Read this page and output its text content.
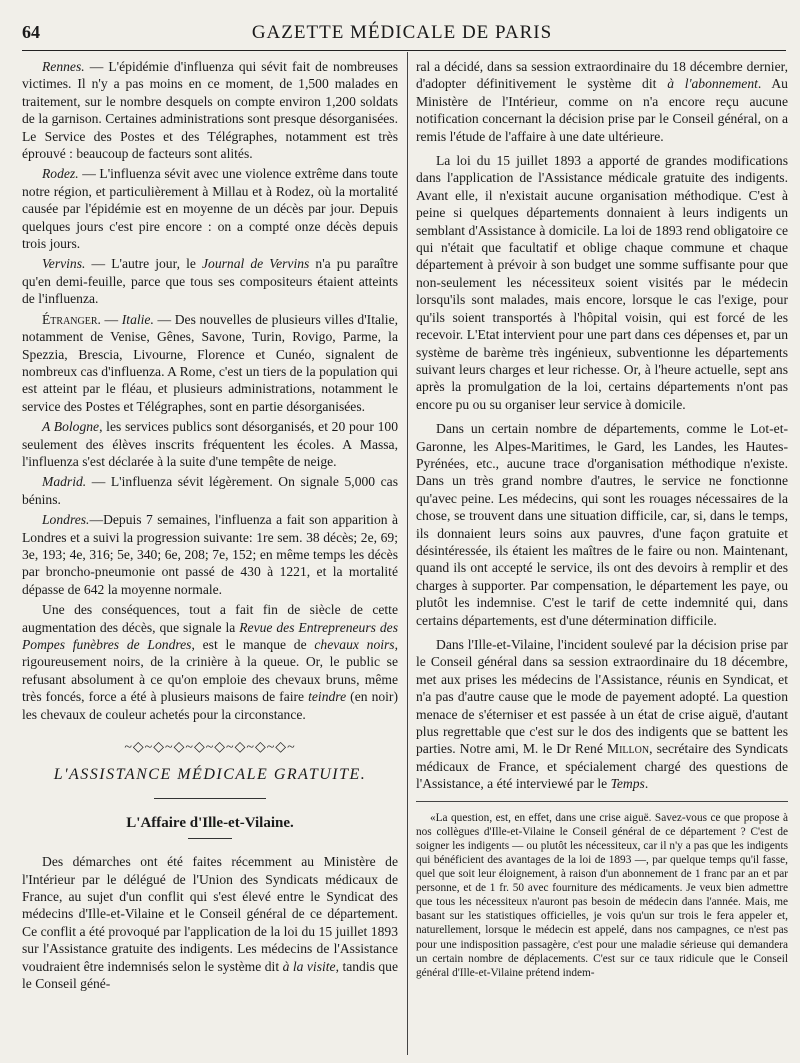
64	GAZETTE MÉDICALE DE PARIS

Rennes. — L'épidémie d'influenza qui sévit fait de nombreuses victimes. Il n'y a pas moins en ce moment, de 1,500 malades en traitement, sur le nombre desquels on compte environ 1,200 soldats de la garnison. Certaines administrations sont presque désorganisées. Le Service des Postes et des Télégraphes, notamment est très éprouvé : beaucoup de facteurs sont alités.

Rodez. — L'influenza sévit avec une violence extrême dans toute notre région, et particulièrement à Millau et à Rodez, où la mortalité causée par l'épidémie est en moyenne de un décès par jour. Depuis quelques jours c'est pire encore : on a compté onze décès depuis trois jours.

Vervins. — L'autre jour, le Journal de Vervins n'a pu paraître qu'en demi-feuille, parce que tous ses compositeurs étaient atteints de l'influenza.

Étranger. — Italie. — Des nouvelles de plusieurs villes d'Italie, notamment de Venise, Gênes, Savone, Turin, Rovigo, Parme, la Spezzia, Brescia, Livourne, Florence et Cunéo, signalent de nombreux cas d'influenza. A Rome, c'est un tiers de la population qui est atteint par le fléau, et plusieurs administrations, notamment le service des Postes et Télégraphes, sont en partie désorganisées.

A Bologne, les services publics sont désorganisés, et 20 pour 100 seulement des élèves inscrits fréquentent les écoles. A Massa, l'influenza s'est déclarée à la suite d'une tempête de neige.

Madrid. — L'influenza sévit légèrement. On signale 5,000 cas bénins.

Londres.—Depuis 7 semaines, l'influenza a fait son apparition à Londres et a suivi la progression suivante: 1re sem. 38 décès; 2e, 69; 3e, 193; 4e, 316; 5e, 340; 6e, 208; 7e, 152; en même temps les décès par broncho-pneumonie ont passé de 430 à 1221, et la mortalité dépasse de 642 la moyenne normale.

Une des conséquences, tout a fait fin de siècle de cette augmentation des décès, que signale la Revue des Entrepreneurs des Pompes funèbres de Londres, est le manque de chevaux noirs, rigoureusement noirs, de la crinière à la queue. Or, le public se refusant absolument à ce qu'on emploie des chevaux bruns, même très foncés, force a été à plusieurs maisons de faire teindre (en noir) les chevaux de couleur achetés pour la circonstance.

~◇~◇~◇~◇~◇~◇~◇~◇~
L'ASSISTANCE MÉDICALE GRATUITE.
L'Affaire d'Ille-et-Vilaine.

Des démarches ont été faites récemment au Ministère de l'Intérieur par le délégué de l'Union des Syndicats médicaux de France, au sujet d'un conflit qui s'est élevé entre le Syndicat des médecins d'Ille-et-Vilaine et le Conseil général de ce département. Ce conflit a été provoqué par l'application de la loi du 15 juillet 1893 sur l'Assistance gratuite des indigents. Les médecins de l'Assistance voudraient être indemnisés selon le système dit à la visite, tandis que le Conseil géné-

ral a décidé, dans sa session extraordinaire du 18 décembre dernier, d'adopter définitivement le système dit à l'abonnement. Au Ministère de l'Intérieur, comme on n'a encore reçu aucune notification concernant la décision prise par le Conseil général, on a remis l'étude de l'affaire à une date ultérieure.

La loi du 15 juillet 1893 a apporté de grandes modifications dans l'application de l'Assistance médicale gratuite des indigents. Avant elle, il n'existait aucune organisation méthodique. C'est à peine si quelques départements donnaient à leurs indigents un semblant d'Assistance à domicile. La loi de 1893 rend obligatoire ce qui n'était que facultatif et oblige chaque commune et chaque département à prévoir à son budget une somme suffisante pour que non-seulement les nécessiteux soient visités par le médecin lorsqu'ils sont malades, mais encore, lorsque le cas l'exige, pour qu'ils soient transportés à l'hôpital voisin, qui est forcé de les recevoir. L'Etat intervient pour une part dans ces dépenses et, par un système de barème très ingénieux, subventionne les départements suivant leurs charges et leur richesse. Or, à l'heure actuelle, sept ans après la promulgation de la loi, certains départements n'ont pas encore pu ou su organiser leur service à domicile.

Dans un certain nombre de départements, comme le Lot-et-Garonne, les Alpes-Maritimes, le Gard, les Landes, les Hautes-Pyrénées, etc., aucune trace d'organisation méthodique n'existe. Dans un très grand nombre d'autres, le service ne fonctionne qu'avec peine. Les médecins, qui sont les rouages nécessaires de la chose, se trouvent dans une situation difficile, car, si, dans le temps, ils donnaient leurs soins aux pauvres, d'une façon gratuite et désintéressée, ils étaient les maîtres de le faire ou non. Maintenant, quand ils ont accepté le service, ils ont des devoirs à remplir et des charges à supporter. Par compensation, le département les paye, ou plutôt les indemnise. C'est le tarif de cette indemnité qui, dans certains départements, est d'une détermination difficile.

Dans l'Ille-et-Vilaine, l'incident soulevé par la décision prise par le Conseil général dans sa session extraordinaire du 18 décembre, met aux prises les médecins de l'Assistance, réunis en Syndicat, et n'a pas d'autre cause que le mode de payement adopté. La question menace de s'éterniser et est passée à un état de crise aiguë, d'autant plus regrettable que c'est sur le dos des indigents que se battent les parties. Notre ami, M. le Dr René Millon, secrétaire des Syndicats médicaux de France, et spécialement chargé des questions de l'Assistance, a été interviewé par le Temps.

«La question, est, en effet, dans une crise aiguë. Savez-vous ce que propose à nos collègues d'Ille-et-Vilaine le Conseil général de ce département ? C'est de soigner les indigents — ou plutôt les nécessiteux, car il n'y a pas que les indigents qui bénéficient des avantages de la loi de 1893 —, par quelque temps qu'il fasse, quel que soit leur éloignement, à raison d'un abonnement de 1 franc par an et par personne, et de 1 fr. 50 avec fourniture des médicaments. Je veux bien admettre que tous les nécessiteux n'auront pas besoin de médecin dans l'année. Mais, me basant sur les statistiques officielles, je vois qu'un sur trois le fera appeler et, naturellement, lorsque le médecin est appelé, dans nos campagnes, ce n'est pas pour une indisposition passagère, c'est pour une maladie sérieuse qui demandera un certain nombre de déplacements. C'est sur ce taux ridicule que le Conseil général d'Ille-et-Vilaine prétend indem-
